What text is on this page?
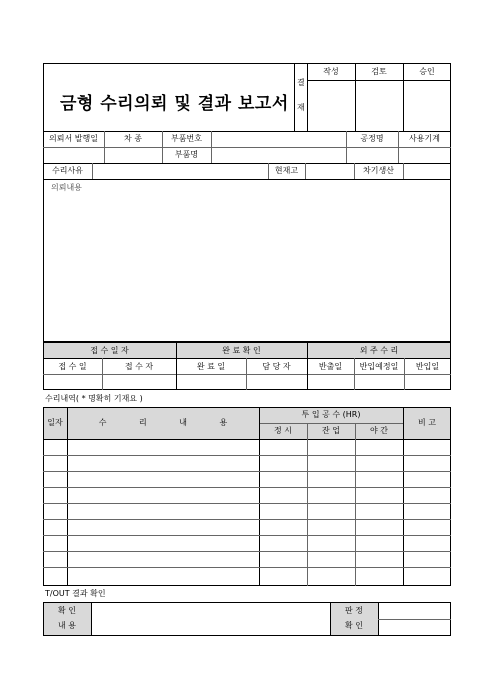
금형 수리의뢰 및 결과 보고서
결
재
작성	검토	승인
의뢰서 발행일	차 종	부품번호	공정명	사용기계
부품명
수리사유	현재고	차기생산
의뢰내용
접 수 일 자	완 료 확 인	외 주 수 리
접 수 일	접 수 자	완 료 일	담 당 자	반출일	반입예정일	반입일
수리내역( * 명확히 기재요 )
일자	수 리 내 용
투 입 공 수 (HR)
정 시	잔 업	야 간
비 고
T/OUT 결과 확인
확 인
내 용
판 정
확 인
